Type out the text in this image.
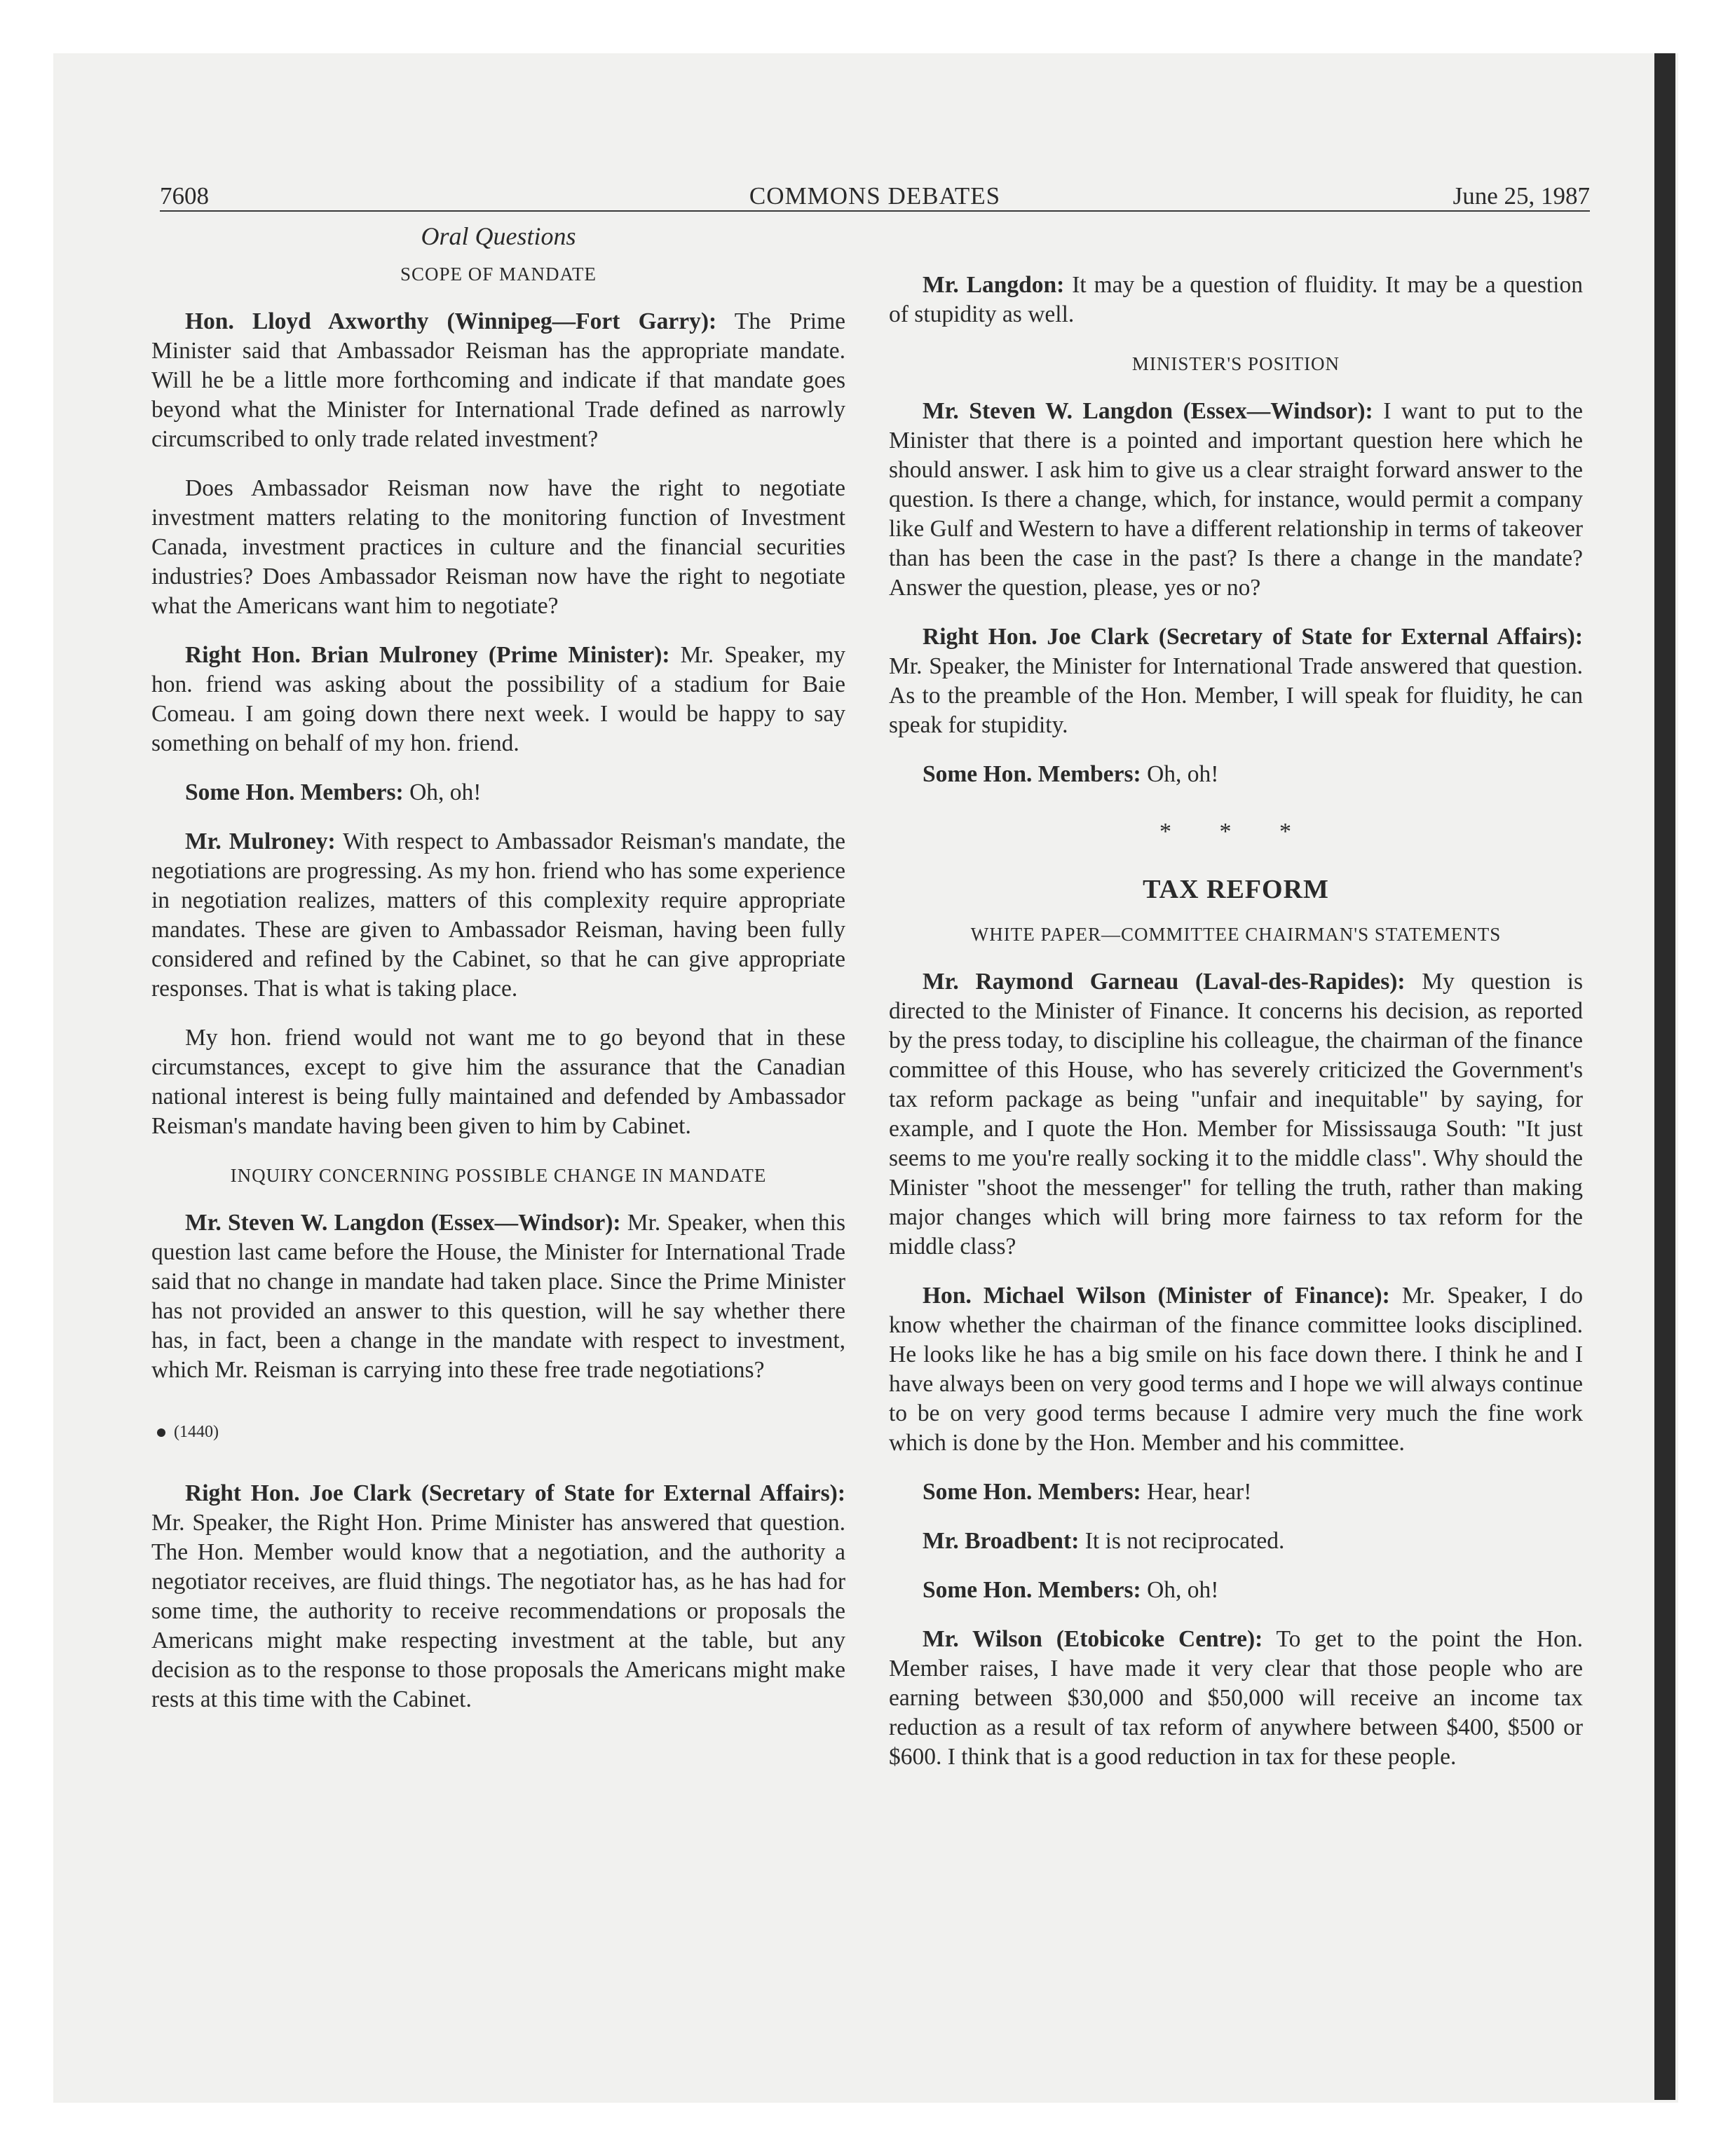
7608	COMMONS DEBATES	June 25, 1987
Oral Questions
SCOPE OF MANDATE

Hon. Lloyd Axworthy (Winnipeg—Fort Garry): The Prime Minister said that Ambassador Reisman has the appropriate mandate. Will he be a little more forthcoming and indicate if that mandate goes beyond what the Minister for International Trade defined as narrowly circumscribed to only trade related investment?

Does Ambassador Reisman now have the right to negotiate investment matters relating to the monitoring function of Investment Canada, investment practices in culture and the financial securities industries? Does Ambassador Reisman now have the right to negotiate what the Americans want him to negotiate?

Right Hon. Brian Mulroney (Prime Minister): Mr. Speaker, my hon. friend was asking about the possibility of a stadium for Baie Comeau. I am going down there next week. I would be happy to say something on behalf of my hon. friend.

Some Hon. Members: Oh, oh!

Mr. Mulroney: With respect to Ambassador Reisman's mandate, the negotiations are progressing. As my hon. friend who has some experience in negotiation realizes, matters of this complexity require appropriate mandates. These are given to Ambassador Reisman, having been fully considered and refined by the Cabinet, so that he can give appropriate responses. That is what is taking place.

My hon. friend would not want me to go beyond that in these circumstances, except to give him the assurance that the Canadian national interest is being fully maintained and defended by Ambassador Reisman's mandate having been given to him by Cabinet.

INQUIRY CONCERNING POSSIBLE CHANGE IN MANDATE

Mr. Steven W. Langdon (Essex—Windsor): Mr. Speaker, when this question last came before the House, the Minister for International Trade said that no change in mandate had taken place. Since the Prime Minister has not provided an answer to this question, will he say whether there has, in fact, been a change in the mandate with respect to investment, which Mr. Reisman is carrying into these free trade negotiations?

(1440)

Right Hon. Joe Clark (Secretary of State for External Affairs): Mr. Speaker, the Right Hon. Prime Minister has answered that question. The Hon. Member would know that a negotiation, and the authority a negotiator receives, are fluid things. The negotiator has, as he has had for some time, the authority to receive recommendations or proposals the Americans might make respecting investment at the table, but any decision as to the response to those proposals the Americans might make rests at this time with the Cabinet.

Mr. Langdon: It may be a question of fluidity. It may be a question of stupidity as well.

MINISTER'S POSITION

Mr. Steven W. Langdon (Essex—Windsor): I want to put to the Minister that there is a pointed and important question here which he should answer. I ask him to give us a clear straight forward answer to the question. Is there a change, which, for instance, would permit a company like Gulf and Western to have a different relationship in terms of takeover than has been the case in the past? Is there a change in the mandate? Answer the question, please, yes or no?

Right Hon. Joe Clark (Secretary of State for External Affairs): Mr. Speaker, the Minister for International Trade answered that question. As to the preamble of the Hon. Member, I will speak for fluidity, he can speak for stupidity.

Some Hon. Members: Oh, oh!

* * *
TAX REFORM
WHITE PAPER—COMMITTEE CHAIRMAN'S STATEMENTS

Mr. Raymond Garneau (Laval-des-Rapides): My question is directed to the Minister of Finance. It concerns his decision, as reported by the press today, to discipline his colleague, the chairman of the finance committee of this House, who has severely criticized the Government's tax reform package as being "unfair and inequitable" by saying, for example, and I quote the Hon. Member for Mississauga South: "It just seems to me you're really socking it to the middle class". Why should the Minister "shoot the messenger" for telling the truth, rather than making major changes which will bring more fairness to tax reform for the middle class?

Hon. Michael Wilson (Minister of Finance): Mr. Speaker, I do know whether the chairman of the finance committee looks disciplined. He looks like he has a big smile on his face down there. I think he and I have always been on very good terms and I hope we will always continue to be on very good terms because I admire very much the fine work which is done by the Hon. Member and his committee.

Some Hon. Members: Hear, hear!

Mr. Broadbent: It is not reciprocated.

Some Hon. Members: Oh, oh!

Mr. Wilson (Etobicoke Centre): To get to the point the Hon. Member raises, I have made it very clear that those people who are earning between $30,000 and $50,000 will receive an income tax reduction as a result of tax reform of anywhere between $400, $500 or $600. I think that is a good reduction in tax for these people.
